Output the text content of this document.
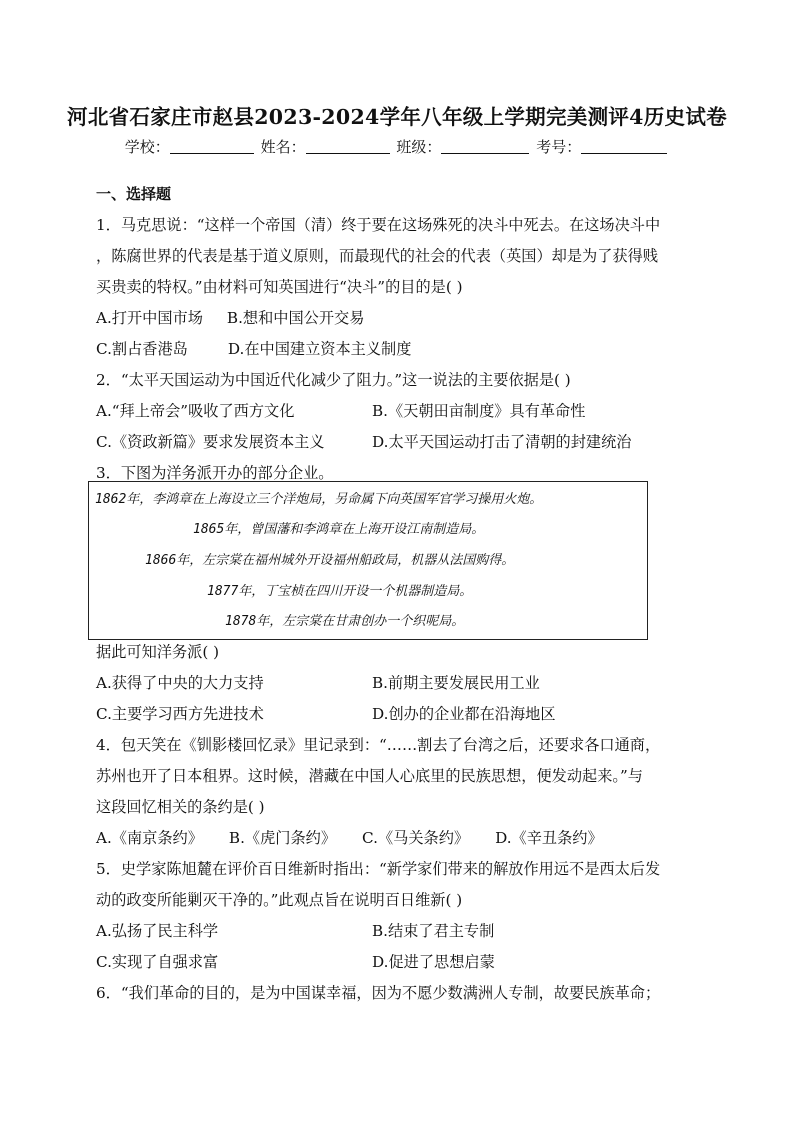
河北省石家庄市赵县2023-2024学年八年级上学期完美测评4历史试卷
学校：	姓名：	班级：	考号：
一、选择题
1．马克思说：“这样一个帝国（清）终于要在这场殊死的决斗中死去。在这场决斗中
，陈腐世界的代表是基于道义原则，而最现代的社会的代表（英国）却是为了获得贱
买贵卖的特权。”由材料可知英国进行“决斗”的目的是( )
A.打开中国市场 B.想和中国公开交易
C.割占香港岛	D.在中国建立资本主义制度
2．“太平天国运动为中国近代化减少了阻力。”这一说法的主要依据是( )
A.“拜上帝会”吸收了西方文化	B.《天朝田亩制度》具有革命性
C.《资政新篇》要求发展资本主义	D.太平天国运动打击了清朝的封建统治
3．下图为洋务派开办的部分企业。
1862年，李鸿章在上海设立三个洋炮局，另命属下向英国军官学习操用火炮。
1865年，曾国藩和李鸿章在上海开设江南制造局。
1866年，左宗棠在福州城外开设福州船政局，机器从法国购得。
1877年，丁宝桢在四川开设一个机器制造局。
1878年，左宗棠在甘肃创办一个织呢局。
据此可知洋务派( )
A.获得了中央的大力支持	B.前期主要发展民用工业
C.主要学习西方先进技术	D.创办的企业都在沿海地区
4．包天笑在《钏影楼回忆录》里记录到：“……割去了台湾之后，还要求各口通商，
苏州也开了日本租界。这时候，潜藏在中国人心底里的民族思想，便发动起来。”与
这段回忆相关的条约是( )
A.《南京条约》 B.《虎门条约》 C.《马关条约》 D.《辛丑条约》
5．史学家陈旭麓在评价百日维新时指出：“新学家们带来的解放作用远不是西太后发
动的政变所能剿灭干净的。”此观点旨在说明百日维新( )
A.弘扬了民主科学	B.结束了君主专制
C.实现了自强求富	D.促进了思想启蒙
6．“我们革命的目的，是为中国谋幸福，因为不愿少数满洲人专制，故要民族革命；
